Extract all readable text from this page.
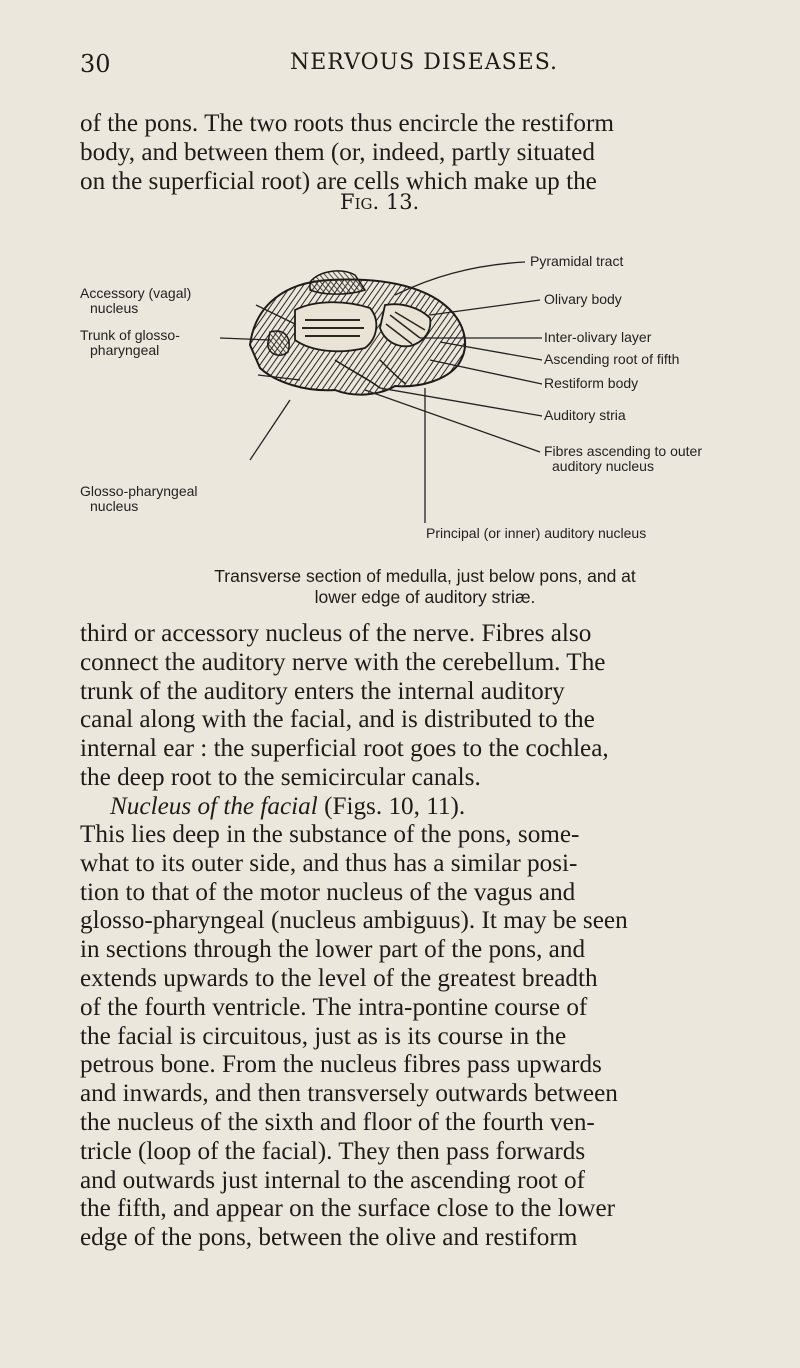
30	NERVOUS DISEASES.

of the pons. The two roots thus encircle the restiform
body, and between them (or, indeed, partly situated
on the superficial root) are cells which make up the

Fig. 13.
Accessory (vagal)
nucleus
Trunk of glosso-
pharyngeal
Glosso-pharyngeal
nucleus
Pyramidal tract
Olivary body
Inter-olivary layer
Ascending root of fifth
Restiform body
Auditory stria
Fibres ascending to outer
auditory nucleus
Principal (or inner) auditory nucleus
Transverse section of medulla, just below pons, and at
lower edge of auditory striæ.

third or accessory nucleus of the nerve. Fibres also
connect the auditory nerve with the cerebellum. The
trunk of the auditory enters the internal auditory
canal along with the facial, and is distributed to the
internal ear : the superficial root goes to the cochlea,
the deep root to the semicircular canals.
Nucleus of the facial (Figs. 10, 11).

This lies deep in the substance of the pons, some-
what to its outer side, and thus has a similar posi-
tion to that of the motor nucleus of the vagus and
glosso-pharyngeal (nucleus ambiguus). It may be seen
in sections through the lower part of the pons, and
extends upwards to the level of the greatest breadth
of the fourth ventricle. The intra-pontine course of
the facial is circuitous, just as is its course in the
petrous bone. From the nucleus fibres pass upwards
and inwards, and then transversely outwards between
the nucleus of the sixth and floor of the fourth ven-
tricle (loop of the facial). They then pass forwards
and outwards just internal to the ascending root of
the fifth, and appear on the surface close to the lower
edge of the pons, between the olive and restiform
